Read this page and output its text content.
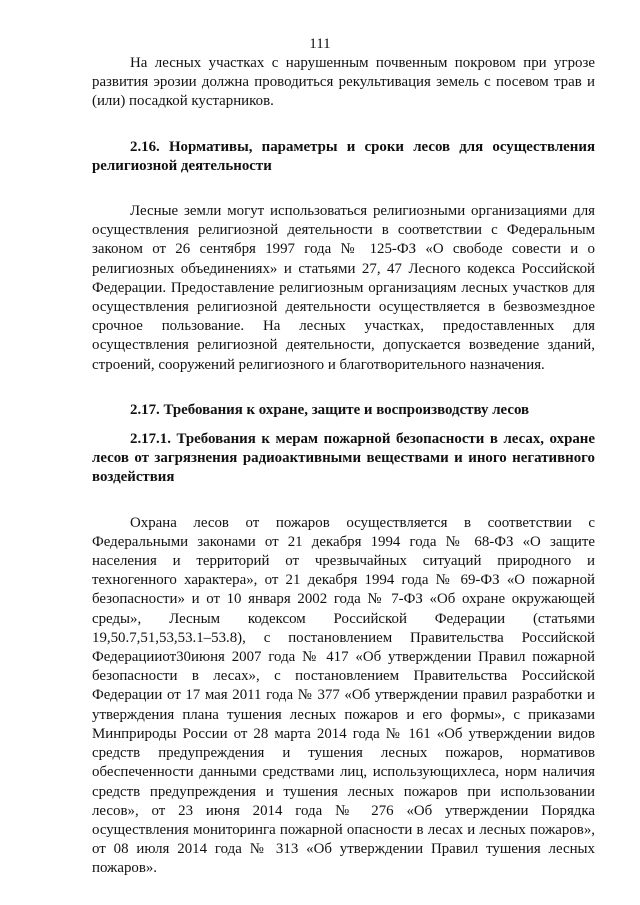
111

На лесных участках с нарушенным почвенным покровом при угрозе развития эрозии должна проводиться рекультивация земель с посевом трав и (или) посадкой кустарников.

2.16. Нормативы, параметры и сроки лесов для осуществления религиозной деятельности

Лесные земли могут использоваться религиозными организациями для осуществления религиозной деятельности в соответствии с Федеральным законом от 26 сентября 1997 года № 125-ФЗ «О свободе совести и о религиозных объединениях» и статьями 27, 47 Лесного кодекса Российской Федерации. Предоставление религиозным организациям лесных участков для осуществления религиозной деятельности осуществляется в безвозмездное срочное пользование. На лесных участках, предоставленных для осуществления религиозной деятельности, допускается возведение зданий, строений, сооружений религиозного и благотворительного назначения.

2.17. Требования к охране, защите и воспроизводству лесов
2.17.1. Требования к мерам пожарной безопасности в лесах, охране лесов от загрязнения радиоактивными веществами и иного негативного воздействия

Охрана лесов от пожаров осуществляется в соответствии с Федеральными законами от 21 декабря 1994 года № 68-ФЗ «О защите населения и территорий от чрезвычайных ситуаций природного и техногенного характера», от 21 декабря 1994 года № 69-ФЗ «О пожарной безопасности» и от 10 января 2002 года № 7-ФЗ «Об охране окружающей среды», Лесным кодексом Российской Федерации (статьями 19,50.7,51,53,53.1–53.8), с постановлением Правительства Российской Федерацииот30июня 2007 года № 417 «Об утверждении Правил пожарной безопасности в лесах», с постановлением Правительства Российской Федерации от 17 мая 2011 года № 377 «Об утверждении правил разработки и утверждения плана тушения лесных пожаров и его формы», с приказами Минприроды России от 28 марта 2014 года № 161 «Об утверждении видов средств предупреждения и тушения лесных пожаров, нормативов обеспеченности данными средствами лиц, использующихлеса, норм наличия средств предупреждения и тушения лесных пожаров при использовании лесов», от 23 июня 2014 года № 276 «Об утверждении Порядка осуществления мониторинга пожарной опасности в лесах и лесных пожаров», от 08 июля 2014 года № 313 «Об утверждении Правил тушения лесных пожаров».
